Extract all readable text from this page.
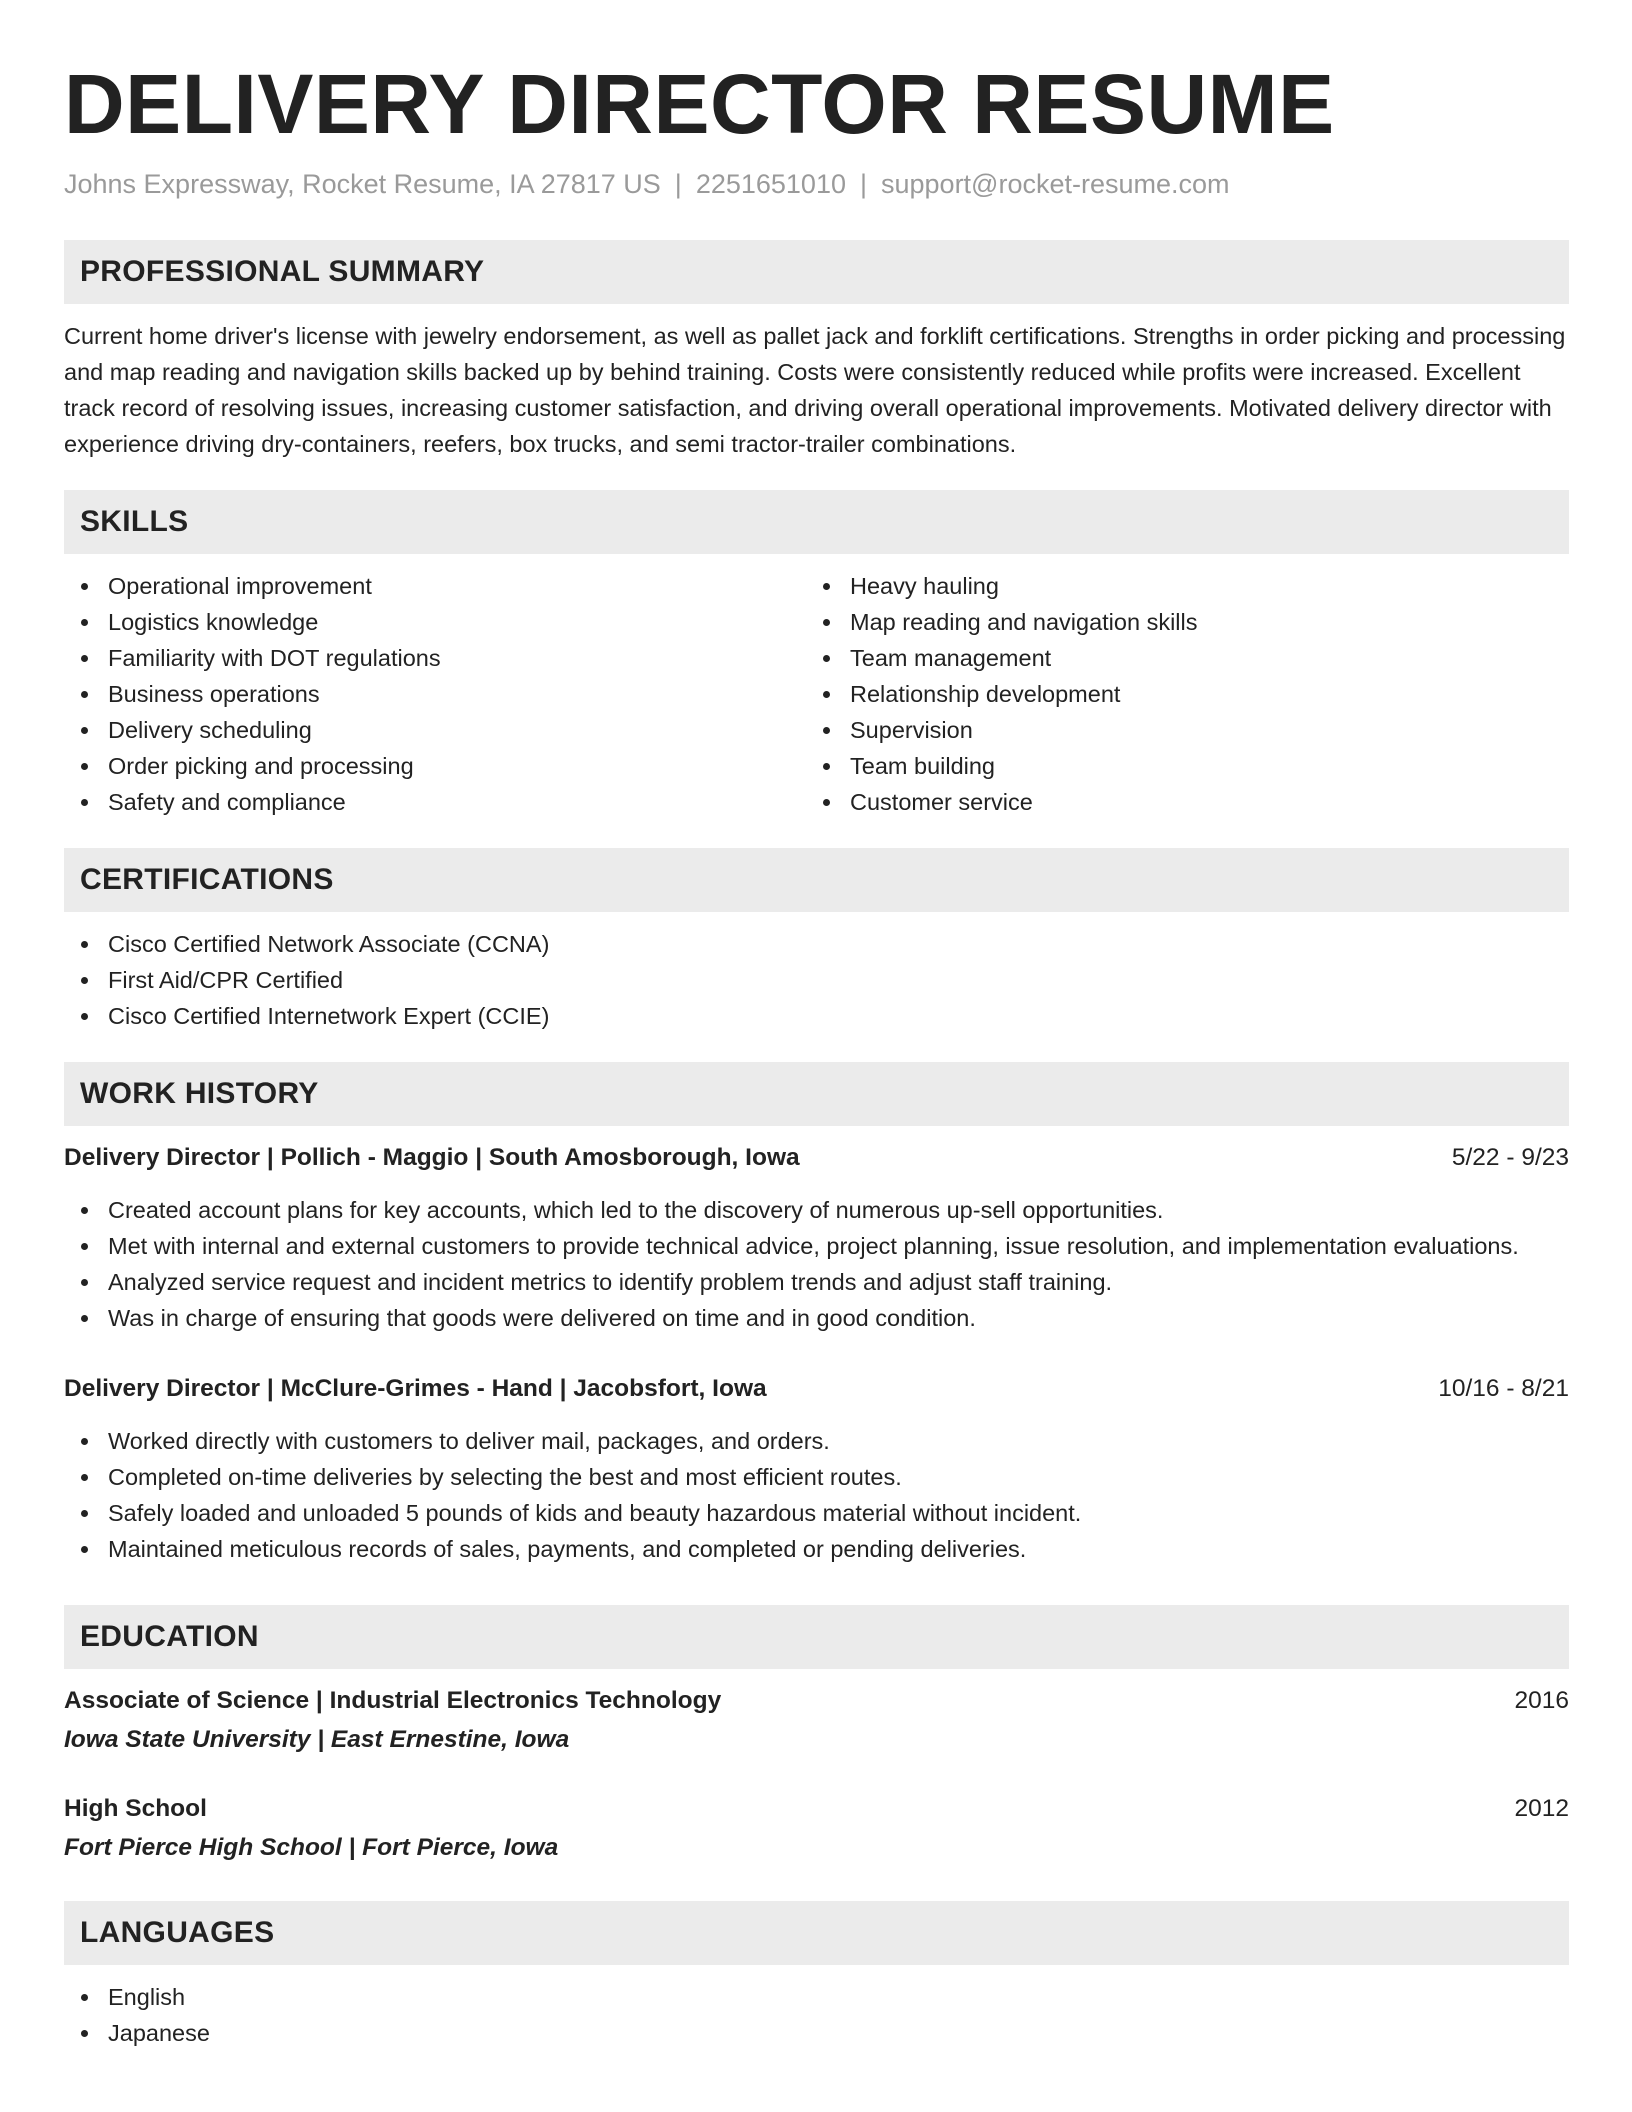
DELIVERY DIRECTOR RESUME
Johns Expressway, Rocket Resume, IA 27817 US | 2251651010 | support@rocket-resume.com
PROFESSIONAL SUMMARY

Current home driver's license with jewelry endorsement, as well as pallet jack and forklift certifications. Strengths in order picking and processing and map reading and navigation skills backed up by behind training. Costs were consistently reduced while profits were increased. Excellent track record of resolving issues, increasing customer satisfaction, and driving overall operational improvements. Motivated delivery director with experience driving dry-containers, reefers, box trucks, and semi tractor-trailer combinations.

SKILLS
Operational improvement
Logistics knowledge
Familiarity with DOT regulations
Business operations
Delivery scheduling
Order picking and processing
Safety and compliance
Heavy hauling
Map reading and navigation skills
Team management
Relationship development
Supervision
Team building
Customer service
CERTIFICATIONS
Cisco Certified Network Associate (CCNA)
First Aid/CPR Certified
Cisco Certified Internetwork Expert (CCIE)
WORK HISTORY
Delivery Director | Pollich - Maggio | South Amosborough, Iowa	5/22 - 9/23
Created account plans for key accounts, which led to the discovery of numerous up-sell opportunities.
Met with internal and external customers to provide technical advice, project planning, issue resolution, and implementation evaluations.
Analyzed service request and incident metrics to identify problem trends and adjust staff training.
Was in charge of ensuring that goods were delivered on time and in good condition.
Delivery Director | McClure-Grimes - Hand | Jacobsfort, Iowa	10/16 - 8/21
Worked directly with customers to deliver mail, packages, and orders.
Completed on-time deliveries by selecting the best and most efficient routes.
Safely loaded and unloaded 5 pounds of kids and beauty hazardous material without incident.
Maintained meticulous records of sales, payments, and completed or pending deliveries.
EDUCATION
Associate of Science | Industrial Electronics Technology	2016
Iowa State University | East Ernestine, Iowa
High School	2012
Fort Pierce High School | Fort Pierce, Iowa
LANGUAGES
English
Japanese
